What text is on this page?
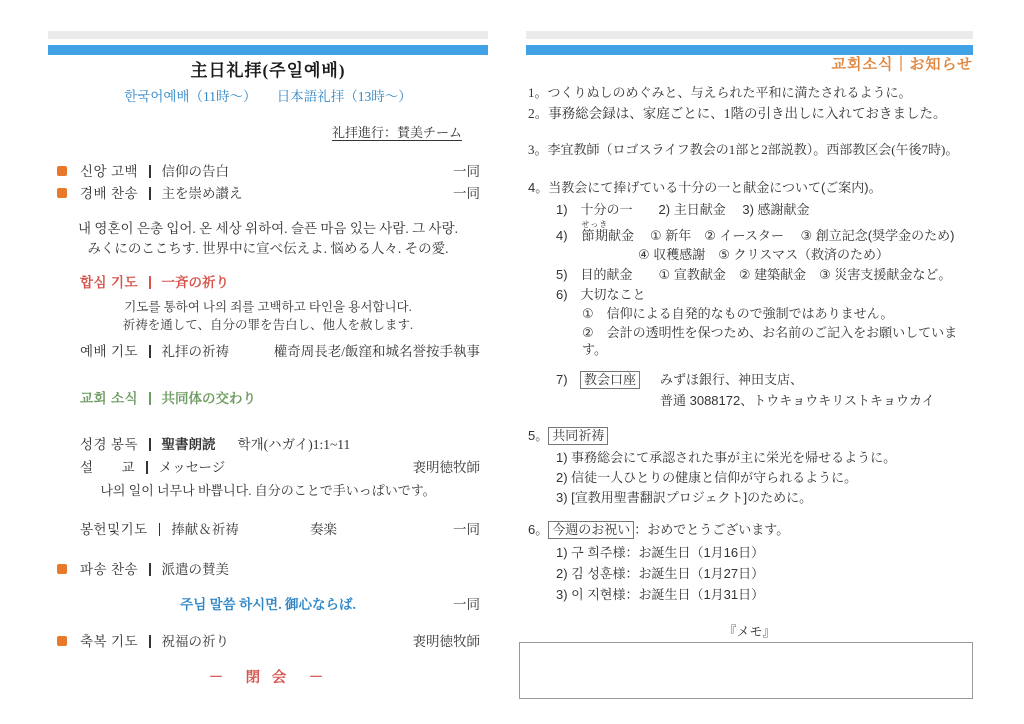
主日礼拝(주일예배)
한국어예배（11時～）　　日本語礼拝（13時～）
礼拝進行：賛美チーム
신앙 고백 信仰の告白	一同
경배 찬송 主を崇め讃え	一同
내 영혼이 은총 입어. 온 세상 위하여. 슬픈 마음 있는 사람. 그 사랑.
みくにのここちす. 世界中に宣べ伝えよ. 悩める人々. その愛.
합심 기도 一斉の祈り
기도를 통하여 나의 죄를 고백하고 타인을 용서합니다.
祈祷を通して、自分の罪を告白し、他人を赦します.
예배 기도 礼拝の祈祷	權奇周長老/飯窪和城名誉按手執事
교회 소식 共同体の交わり
성경 봉독 聖書朗読 학개(ハガイ)1:1~11
설　　교 メッセージ	裵明徳牧師
나의 일이 너무나 바쁩니다. 自分のことで手いっぱいです。
봉헌및기도 捧献＆祈祷	奏楽	一同
파송 찬송 派遣の賛美
주님 말씀 하시면. 御心ならば.	一同
축복 기도 祝福の祈り	裵明徳牧師
－　閉 会　－
교회소식｜お知らせ
1。つくりぬしのめぐみと、与えられた平和に満たされるように。
2。事務総会録は、家庭ごとに、1階の引き出しに入れておきました。
3。李宜教師（ロゴスライフ教会の1部と2部説教）。西部教区会(午後7時)。
4。当教会にて捧げている十分の一と献金について(ご案内)。
1)　十分の一　　2) 主日献金　 3) 感謝献金
4) 節期せっき献金 ① 新年　② イースター　 ③ 創立記念(奨学金のため)
④ 収穫感謝　⑤ クリスマス（救済のため）
5)　目的献金　　① 宣教献金　② 建築献金　③ 災害支援献金など。
6)　大切なこと
①　信仰による自発的なもので強制ではありません。
②　会計の透明性を保つため、お名前のご記入をお願いしています。
7)	教会口座	みずほ銀行、神田支店、
普通 3088172、トウキョウキリストキョウカイ
5。 共同祈祷
1) 事務総会にて承認された事が主に栄光を帰せるように。
2) 信徒一人ひとりの健康と信仰が守られるように。
3) [宣教用聖書翻訳プロジェクト]のために。
6。 今週のお祝い ：おめでとうございます。
1) 구 희주様：お誕生日（1月16日）
2) 김 성훈様：お誕生日（1月27日）
3) 이 지현様：お誕生日（1月31日）
『メモ』
